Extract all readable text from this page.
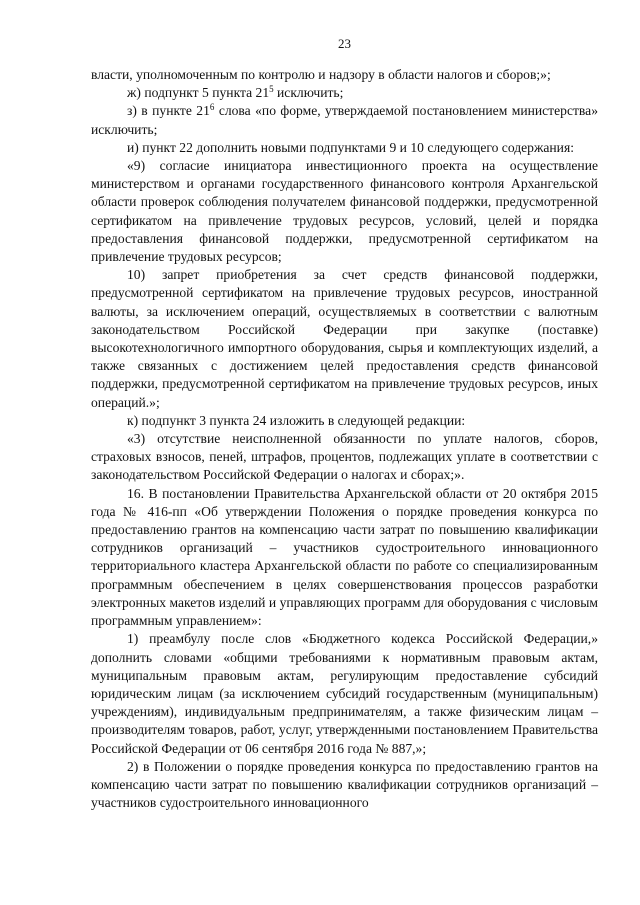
23

власти, уполномоченным по контролю и надзору в области налогов и сборов;»;

ж) подпункт 5 пункта $21^5$ исключить;

з) в пункте $21^6$ слова «по форме, утверждаемой постановлением министерства» исключить;

и) пункт 22 дополнить новыми подпунктами 9 и 10 следующего содержания:

«9) согласие инициатора инвестиционного проекта на осуществление министерством и органами государственного финансового контроля Архангельской области проверок соблюдения получателем финансовой поддержки, предусмотренной сертификатом на привлечение трудовых ресурсов, условий, целей и порядка предоставления финансовой поддержки, предусмотренной сертификатом на привлечение трудовых ресурсов;

10) запрет приобретения за счет средств финансовой поддержки, предусмотренной сертификатом на привлечение трудовых ресурсов, иностранной валюты, за исключением операций, осуществляемых в соответствии с валютным законодательством Российской Федерации при закупке (поставке) высокотехнологичного импортного оборудования, сырья и комплектующих изделий, а также связанных с достижением целей предоставления средств финансовой поддержки, предусмотренной сертификатом на привлечение трудовых ресурсов, иных операций.»;

к) подпункт 3 пункта 24 изложить в следующей редакции:

«3) отсутствие неисполненной обязанности по уплате налогов, сборов, страховых взносов, пеней, штрафов, процентов, подлежащих уплате в соответствии с законодательством Российской Федерации о налогах и сборах;».

16. В постановлении Правительства Архангельской области от 20 октября 2015 года № 416-пп «Об утверждении Положения о порядке проведения конкурса по предоставлению грантов на компенсацию части затрат по повышению квалификации сотрудников организаций – участников судостроительного инновационного территориального кластера Архангельской области по работе со специализированным программным обеспечением в целях совершенствования процессов разработки электронных макетов изделий и управляющих программ для оборудования с числовым программным управлением»:

1) преамбулу после слов «Бюджетного кодекса Российской Федерации,» дополнить словами «общими требованиями к нормативным правовым актам, муниципальным правовым актам, регулирующим предоставление субсидий юридическим лицам (за исключением субсидий государственным (муниципальным) учреждениям), индивидуальным предпринимателям, а также физическим лицам – производителям товаров, работ, услуг, утвержденными постановлением Правительства Российской Федерации от 06 сентября 2016 года № 887,»;

2) в Положении о порядке проведения конкурса по предоставлению грантов на компенсацию части затрат по повышению квалификации сотрудников организаций – участников судостроительного инновационного
